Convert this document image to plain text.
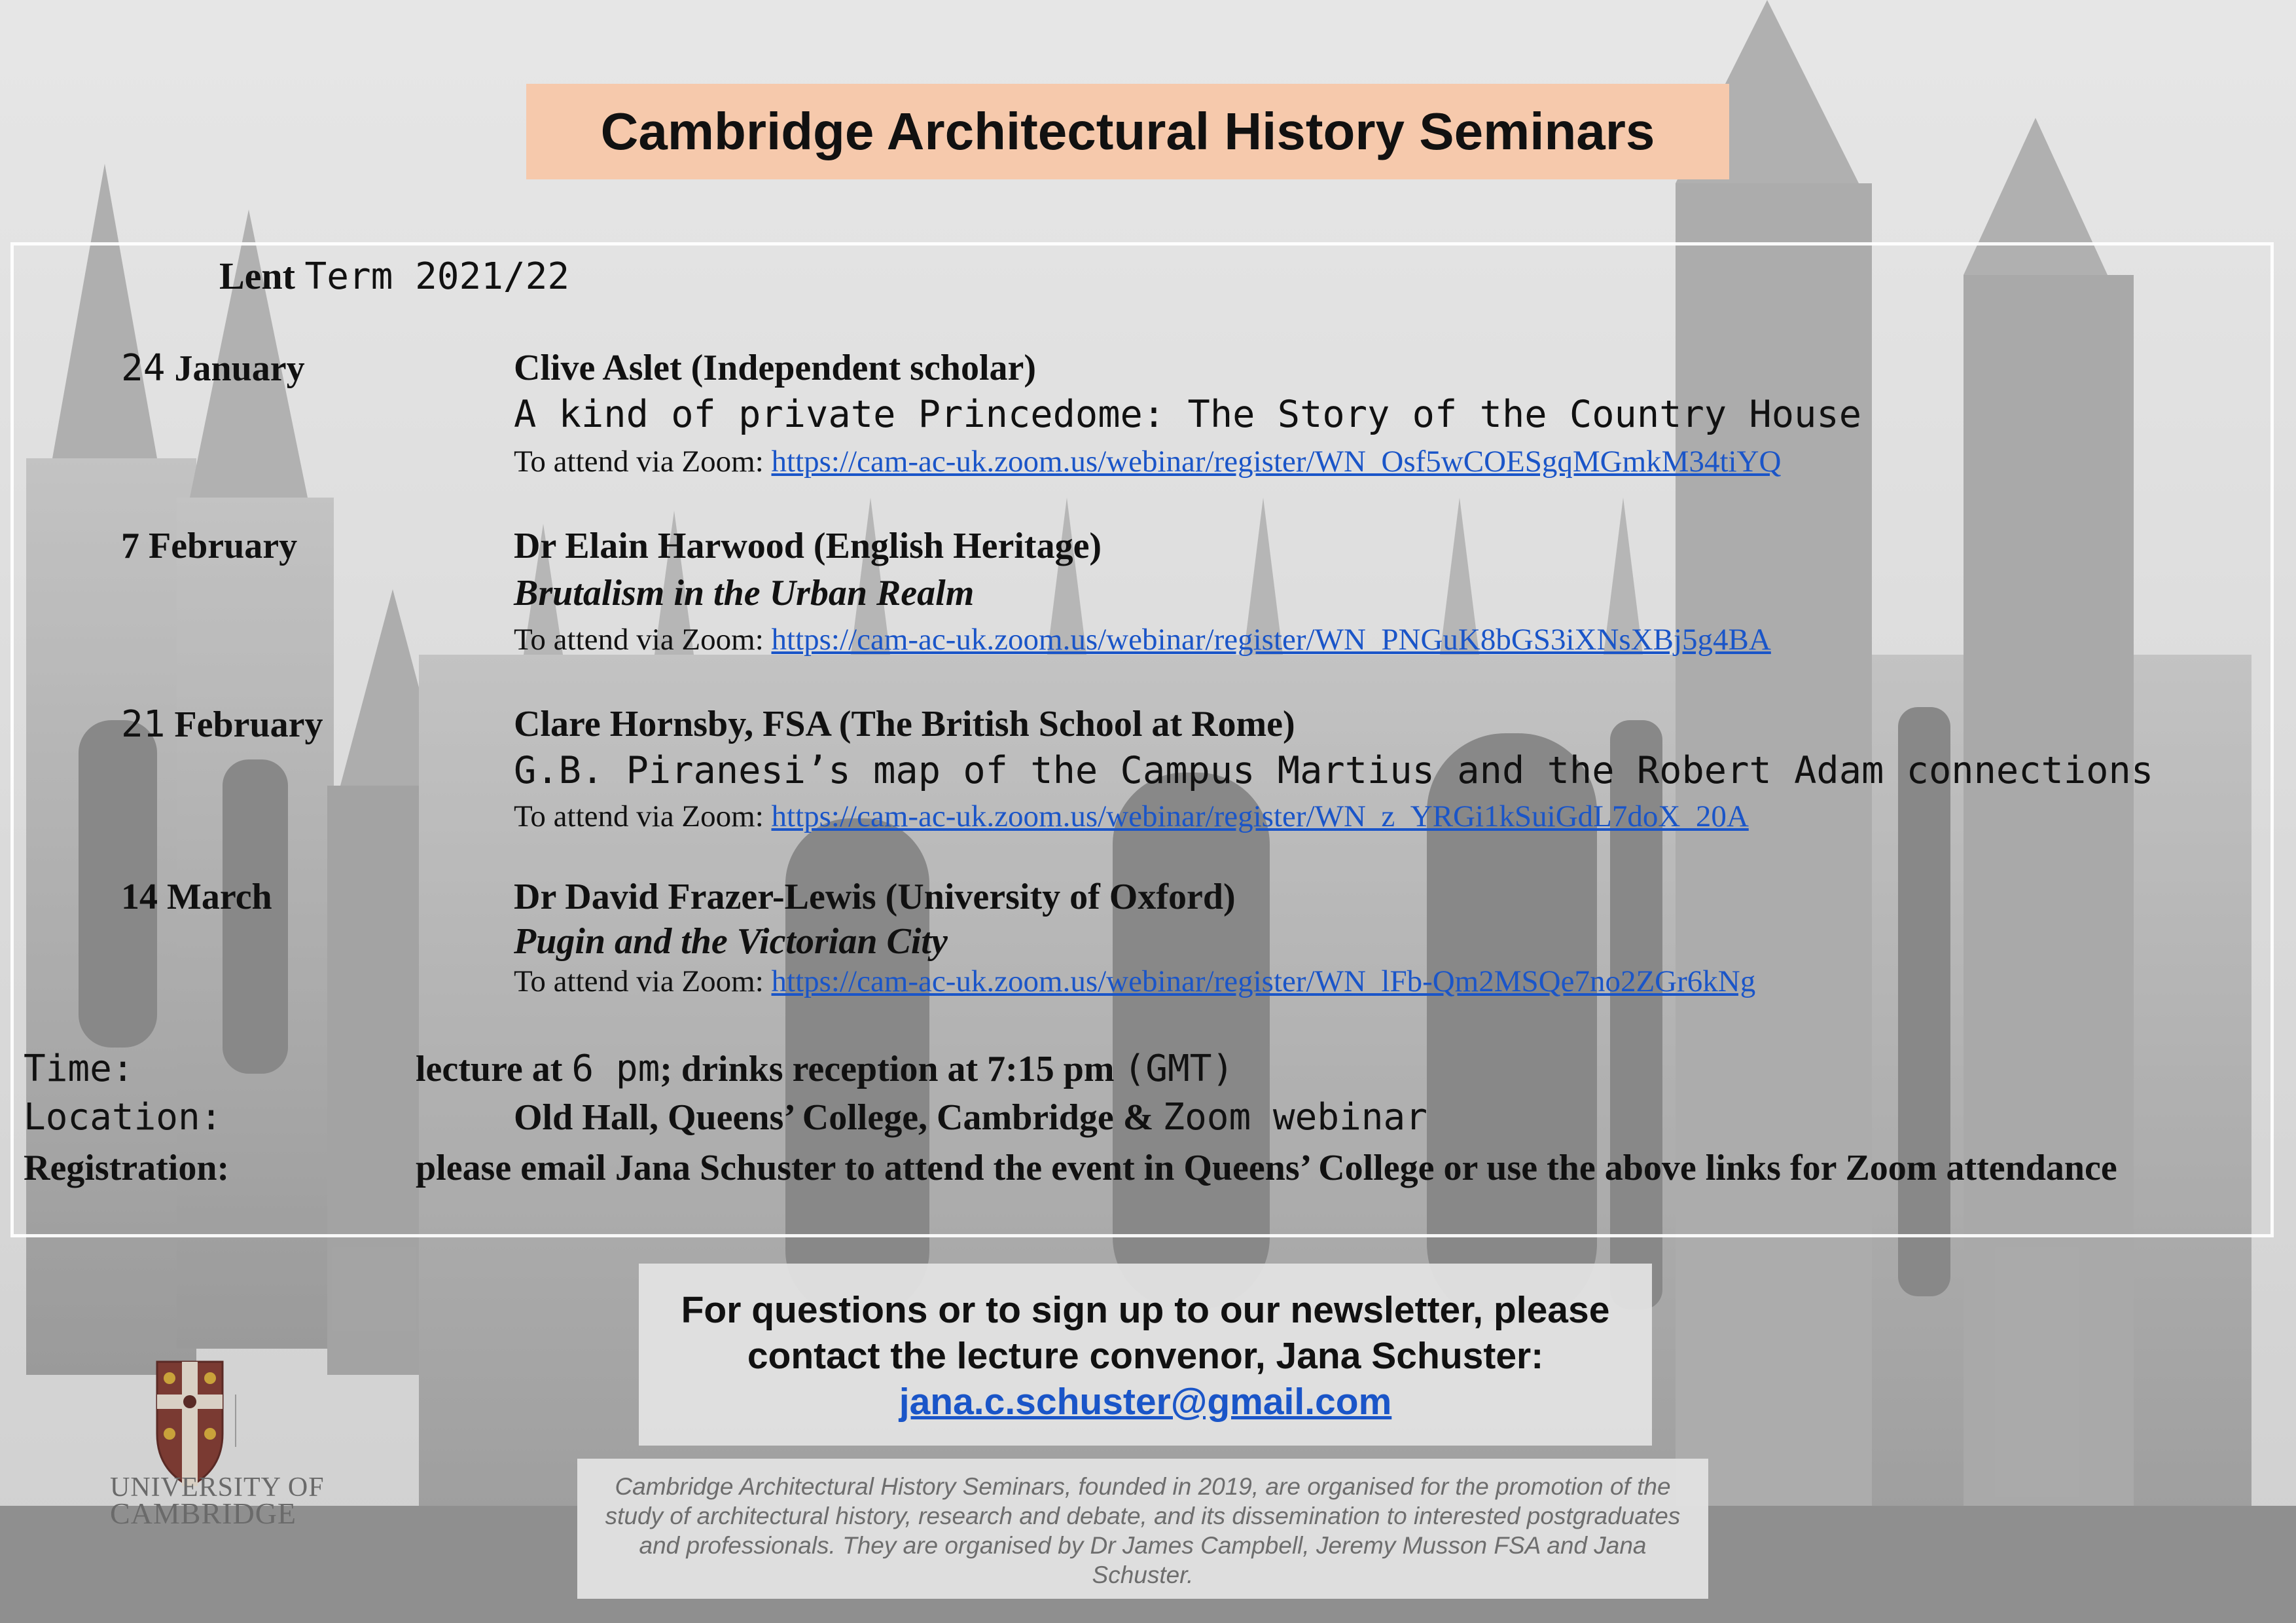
Cambridge Architectural History Seminars
Lent Term 2021/22
24 January	Clive Aslet (Independent scholar)
A kind of private Princedome: The Story of the Country House
To attend via Zoom: https://cam-ac-uk.zoom.us/webinar/register/WN_Osf5wCOESgqMGmkM34tiYQ
7 February	Dr Elain Harwood (English Heritage)
Brutalism in the Urban Realm
To attend via Zoom: https://cam-ac-uk.zoom.us/webinar/register/WN_PNGuK8bGS3iXNsXBj5g4BA
21 February	Clare Hornsby, FSA (The British School at Rome)
G.B. Piranesi’s map of the Campus Martius and the Robert Adam connections
To attend via Zoom: https://cam-ac-uk.zoom.us/webinar/register/WN_z_YRGi1kSuiGdL7doX_20A
14 March	Dr David Frazer-Lewis (University of Oxford)
Pugin and the Victorian City
To attend via Zoom: https://cam-ac-uk.zoom.us/webinar/register/WN_lFb-Qm2MSQe7no2ZGr6kNg
Time:	lecture at 6 pm; drinks reception at 7:15 pm (GMT)
Location:	Old Hall, Queens’ College, Cambridge & Zoom webinar
Registration:	please email Jana Schuster to attend the event in Queens’ College or use the above links for Zoom attendance
For questions or to sign up to our newsletter, please
contact the lecture convenor, Jana Schuster:
jana.c.schuster@gmail.com
Cambridge Architectural History Seminars, founded in 2019, are organised for the promotion of the study of architectural history, research and debate, and its dissemination to interested postgraduates and professionals. They are organised by Dr James Campbell, Jeremy Musson FSA and Jana Schuster.
UNIVERSITY OF
CAMBRIDGE
